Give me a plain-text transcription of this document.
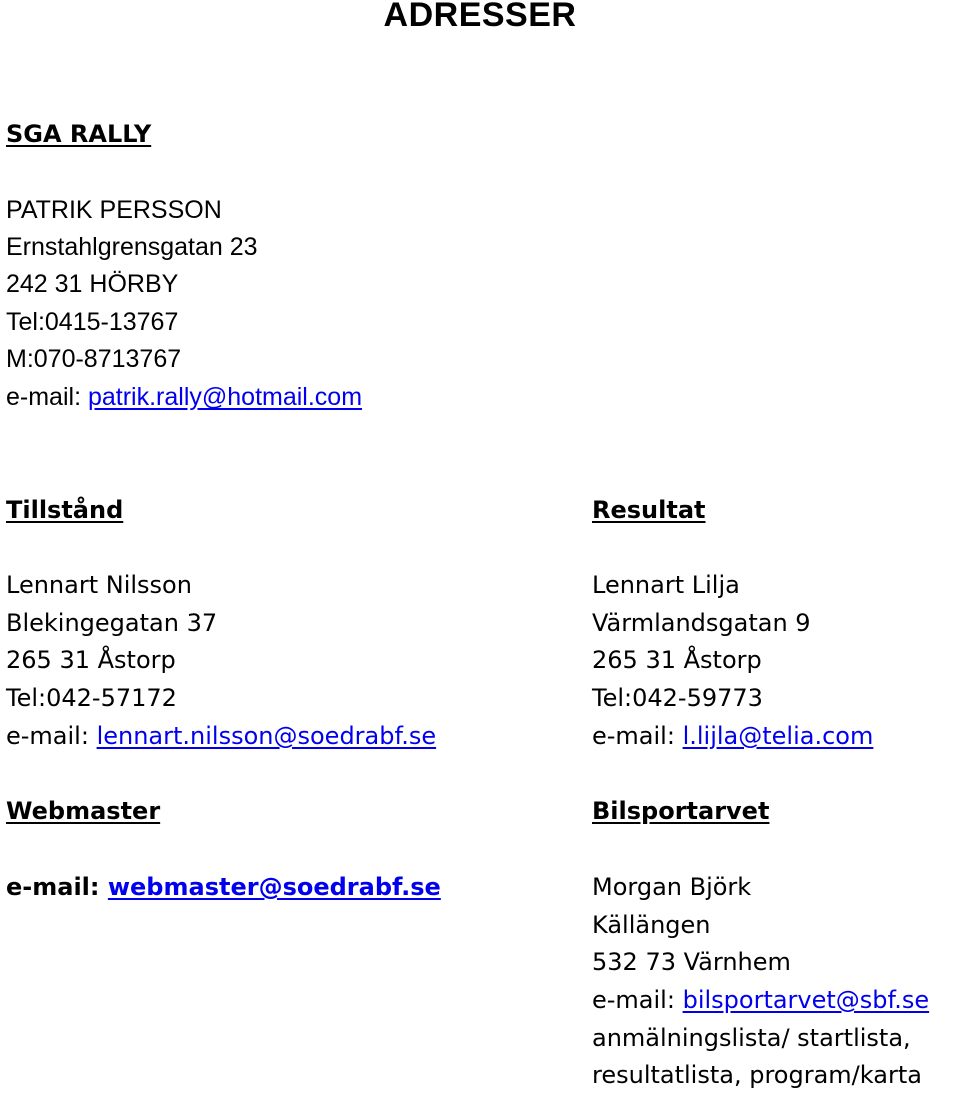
ADRESSER
SGA RALLY
PATRIK PERSSON
Ernstahlgrensgatan 23
242 31 HÖRBY
Tel:0415-13767
M:070-8713767
e-mail: patrik.rally@hotmail.com
Tillstånd
Lennart Nilsson
Blekingegatan 37
265 31 Åstorp
Tel:042-57172
e-mail: lennart.nilsson@soedrabf.se
Resultat
Lennart Lilja
Värmlandsgatan 9
265 31 Åstorp
Tel:042-59773
e-mail: l.lijla@telia.com
Webmaster
e-mail: webmaster@soedrabf.se
Bilsportarvet
Morgan Björk
Källängen
532 73 Värnhem
e-mail: bilsportarvet@sbf.se
anmälningslista/ startlista,
resultatlista, program/karta
